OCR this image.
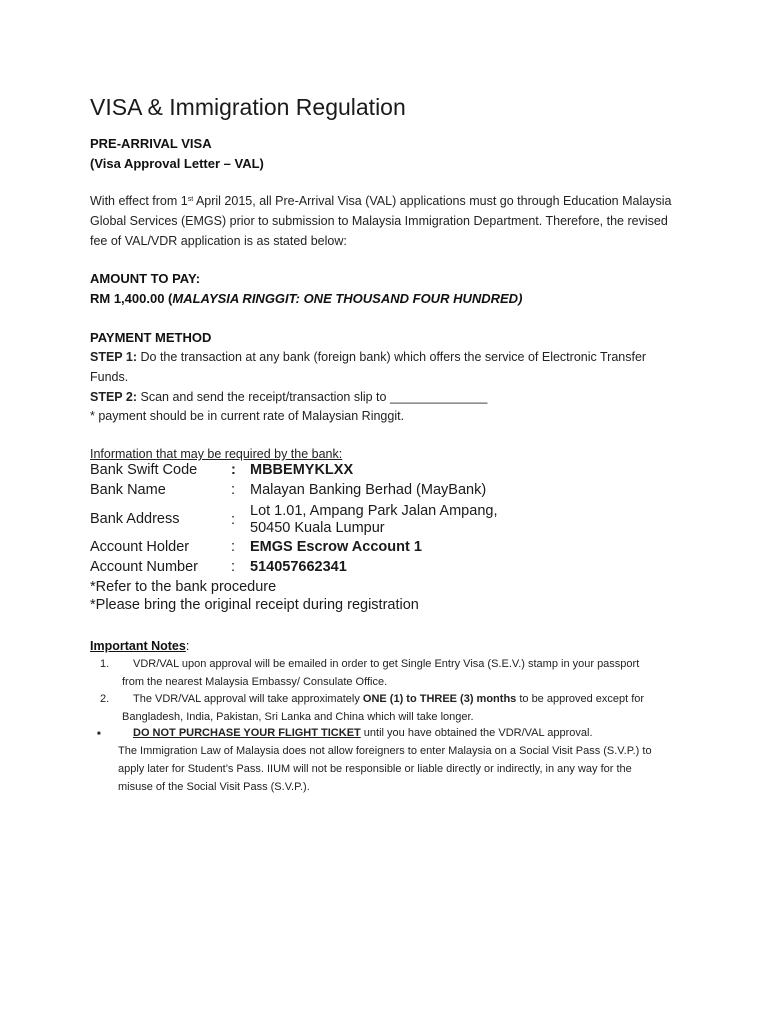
VISA & Immigration Regulation
PRE-ARRIVAL VISA
(Visa Approval Letter – VAL)
With effect from 1st April 2015, all Pre-Arrival Visa (VAL) applications must go through Education Malaysia
Global Services (EMGS) prior to submission to Malaysia Immigration Department. Therefore, the revised
fee of VAL/VDR application is as stated below:
AMOUNT TO PAY:
RM 1,400.00 (MALAYSIA RINGGIT: ONE THOUSAND FOUR HUNDRED)
PAYMENT METHOD
STEP 1: Do the transaction at any bank (foreign bank) which offers the service of Electronic Transfer
Funds.
STEP 2: Scan and send the receipt/transaction slip to ______________
* payment should be in current rate of Malaysian Ringgit.
Information that may be required by the bank:
Bank Swift Code : MBBEMYKLXX
Bank Name	: Malayan Banking Berhad (MayBank)
Bank Address	:
Lot 1.01, Ampang Park Jalan Ampang,
50450 Kuala Lumpur
Account Holder	: EMGS Escrow Account 1
Account Number : 514057662341
*Refer to the bank procedure
*Please bring the original receipt during registration
Important Notes:
1. VDR/VAL upon approval will be emailed in order to get Single Entry Visa (S.E.V.) stamp in your passport
from the nearest Malaysia Embassy/ Consulate Office.
2. The VDR/VAL approval will take approximately ONE (1) to THREE (3) months to be approved except for
Bangladesh, India, Pakistan, Sri Lanka and China which will take longer.
■	DO NOT PURCHASE YOUR FLIGHT TICKET until you have obtained the VDR/VAL approval.
The Immigration Law of Malaysia does not allow foreigners to enter Malaysia on a Social Visit Pass (S.V.P.) to
apply later for Student’s Pass. IIUM will not be responsible or liable directly or indirectly, in any way for the
misuse of the Social Visit Pass (S.V.P.).
